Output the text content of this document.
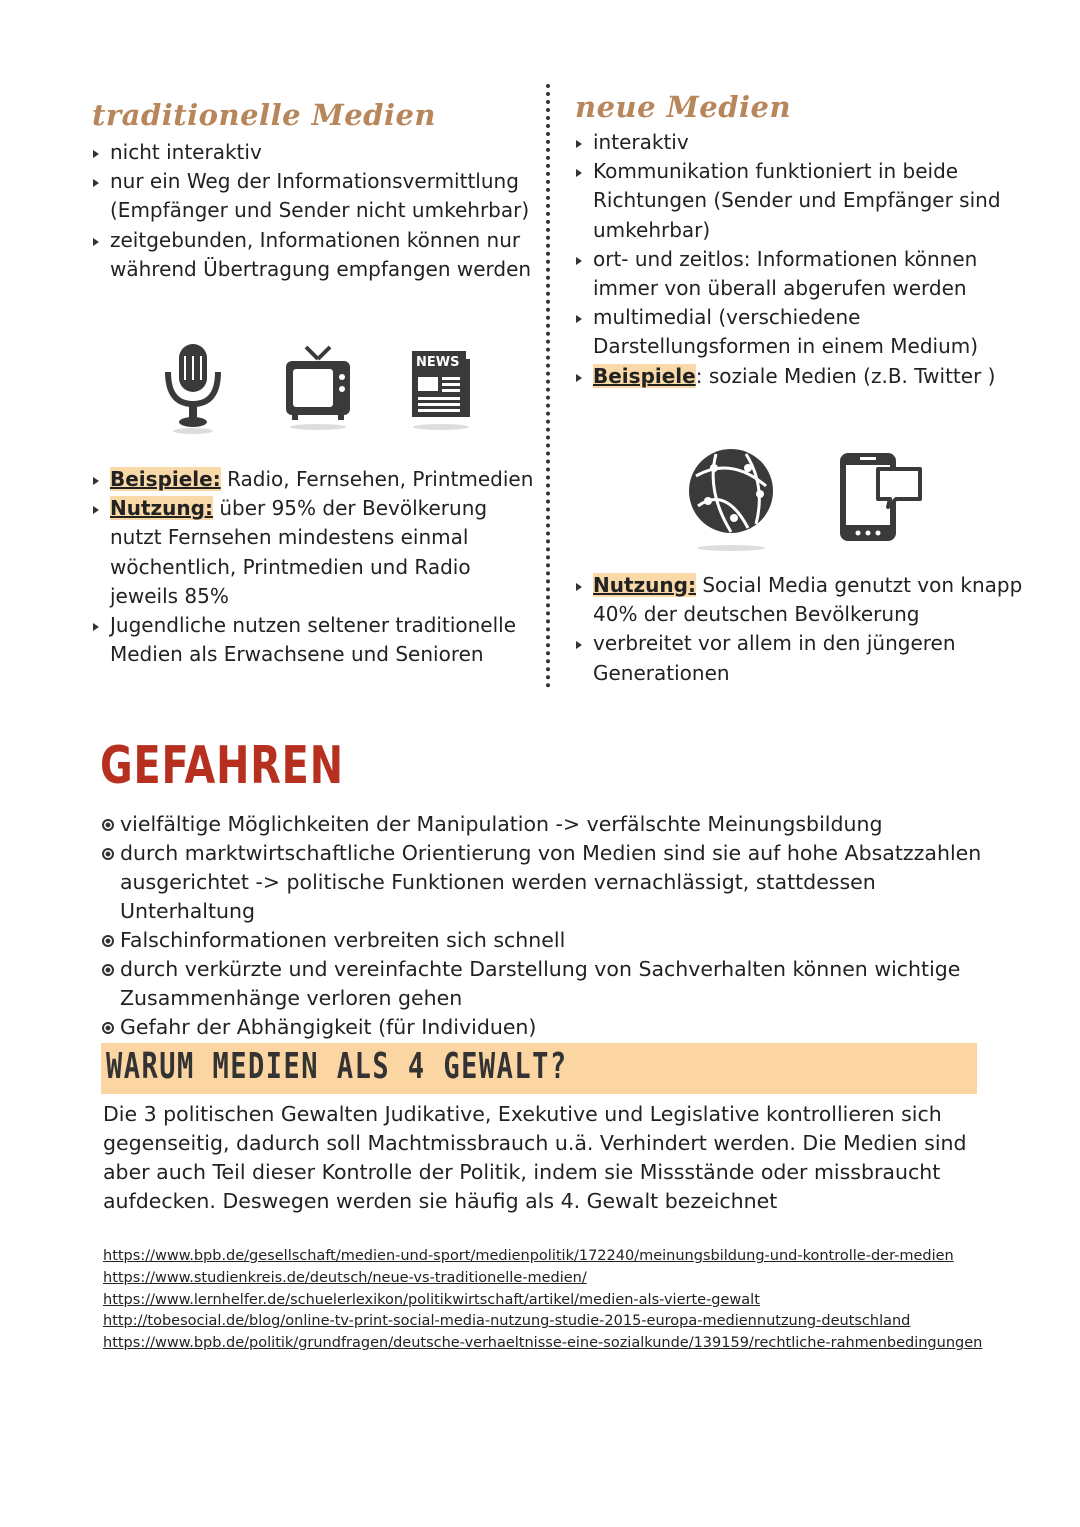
traditionelle Medien
nicht interaktiv
nur ein Weg der Informationsvermittlung (Empfänger und Sender nicht umkehrbar)
zeitgebunden, Informationen können nur während Übertragung empfangen werden
NEWS
Beispiele: Radio, Fernsehen, Printmedien
Nutzung: über 95% der Bevölkerung nutzt Fernsehen mindestens einmal wöchentlich, Printmedien und Radio jeweils 85%
Jugendliche nutzen seltener traditionelle Medien als Erwachsene und Senioren
neue Medien
interaktiv
Kommunikation funktioniert in beide Richtungen (Sender und Empfänger sind umkehrbar)
ort- und zeitlos: Informationen können immer von überall abgerufen werden
multimedial (verschiedene Darstellungsformen in einem Medium)
Beispiele: soziale Medien (z.B. Twitter )
Nutzung: Social Media genutzt von knapp 40% der deutschen Bevölkerung
verbreitet vor allem in den jüngeren Generationen
GEFAHREN
vielfältige Möglichkeiten der Manipulation -> verfälschte Meinungsbildung
durch marktwirtschaftliche Orientierung von Medien sind sie auf hohe Absatzzahlen ausgerichtet -> politische Funktionen werden vernachlässigt, stattdessen Unterhaltung
Falschinformationen verbreiten sich schnell
durch verkürzte und vereinfachte Darstellung von Sachverhalten können wichtige Zusammenhänge verloren gehen
Gefahr der Abhängigkeit (für Individuen)
WARUM MEDIEN ALS 4 GEWALT?

Die 3 politischen Gewalten Judikative, Exekutive und Legislative kontrollieren sich gegenseitig, dadurch soll Machtmissbrauch u.ä. Verhindert werden. Die Medien sind aber auch Teil dieser Kontrolle der Politik, indem sie Missstände oder missbraucht aufdecken. Deswegen werden sie häufig als 4. Gewalt bezeichnet

https://www.bpb.de/gesellschaft/medien-und-sport/medienpolitik/172240/meinungsbildung-und-kontrolle-der-medien
https://www.studienkreis.de/deutsch/neue-vs-traditionelle-medien/
https://www.lernhelfer.de/schuelerlexikon/politikwirtschaft/artikel/medien-als-vierte-gewalt
http://tobesocial.de/blog/online-tv-print-social-media-nutzung-studie-2015-europa-mediennutzung-deutschland
https://www.bpb.de/politik/grundfragen/deutsche-verhaeltnisse-eine-sozialkunde/139159/rechtliche-rahmenbedingungen
